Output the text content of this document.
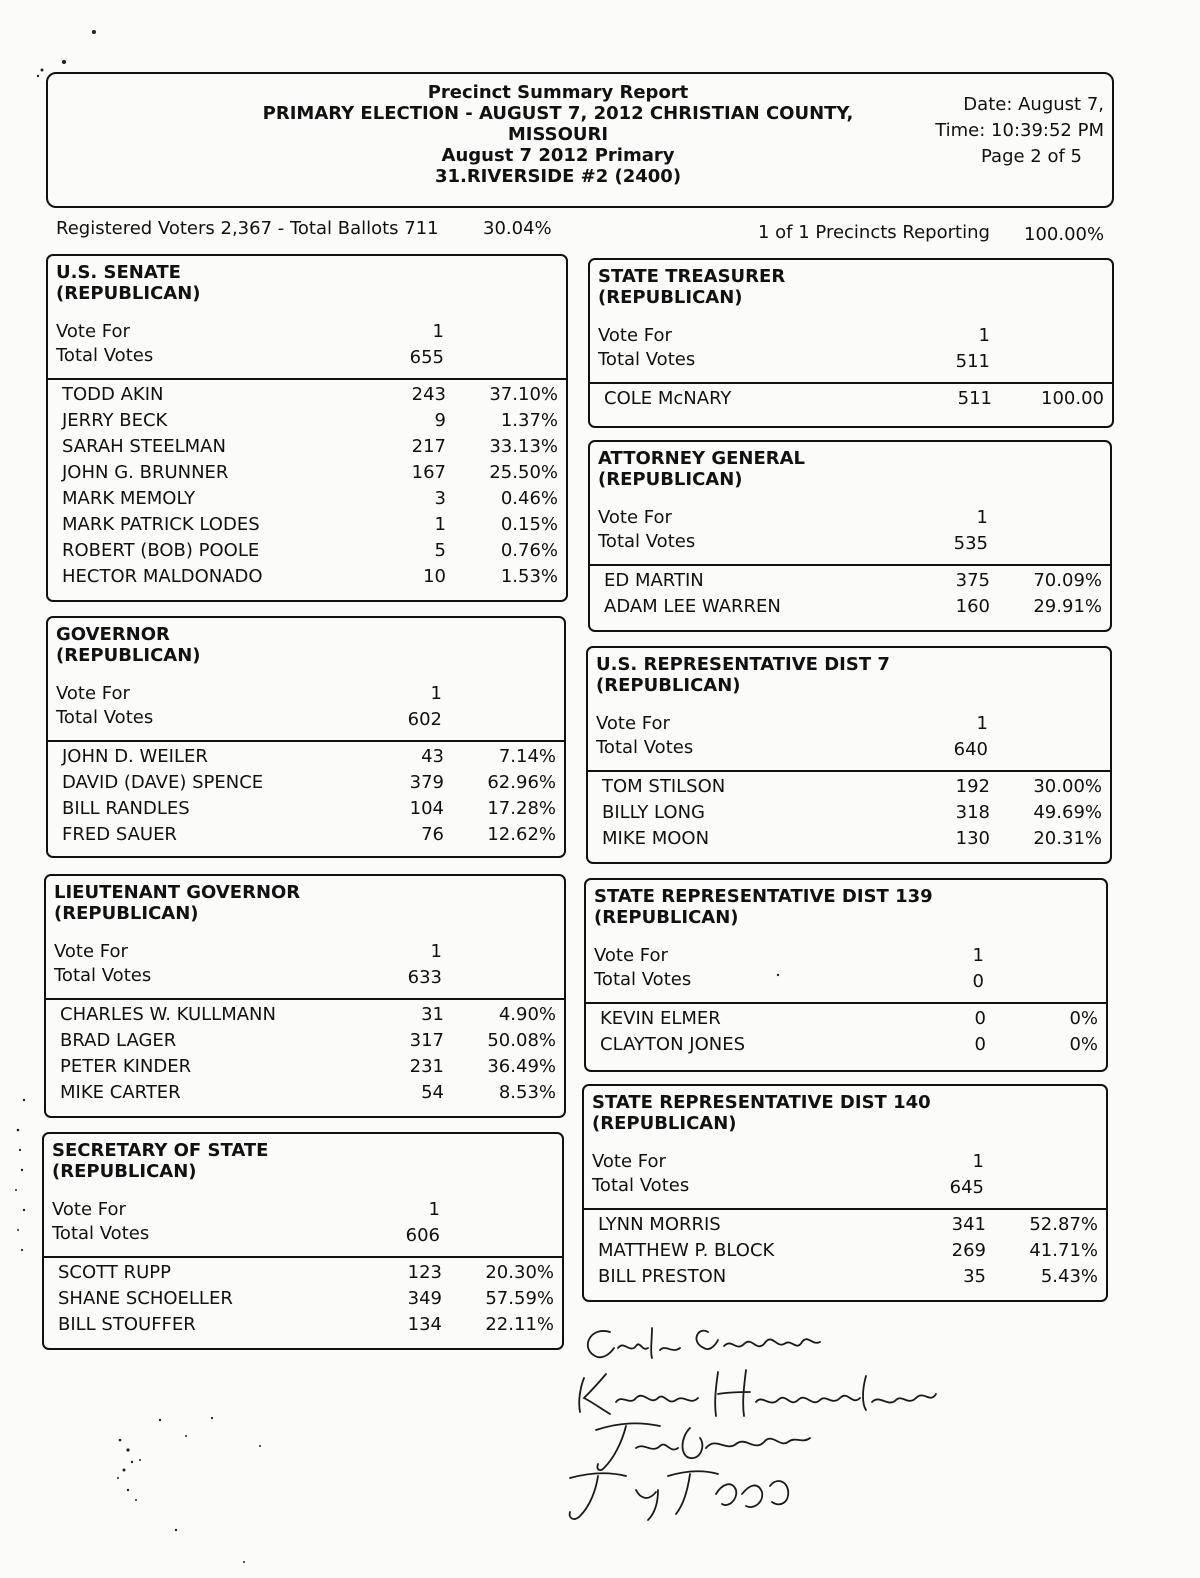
Precinct Summary Report
PRIMARY ELECTION - AUGUST 7, 2012 CHRISTIAN COUNTY,
MISSOURI
August 7 2012 Primary
31.RIVERSIDE #2 (2400)
Date: August 7,
Time: 10:39:52 PM
Page 2 of 5
Registered Voters 2,367 - Total Ballots 711 30.04%	1 of 1 Precincts Reporting 100.00%
U.S. SENATE
(REPUBLICAN)
Vote For	1
Total Votes	655
TODD AKIN	243 37.10%
JERRY BECK	9	1.37%
SARAH STEELMAN	217 33.13%
JOHN G. BRUNNER	167 25.50%
MARK MEMOLY	3	0.46%
MARK PATRICK LODES	1	0.15%
ROBERT (BOB) POOLE	5	0.76%
HECTOR MALDONADO	10	1.53%
GOVERNOR
(REPUBLICAN)
Vote For	1
Total Votes	602
JOHN D. WEILER	43	7.14%
DAVID (DAVE) SPENCE	379 62.96%
BILL RANDLES	104 17.28%
FRED SAUER	76 12.62%
LIEUTENANT GOVERNOR
(REPUBLICAN)
Vote For	1
Total Votes	633
CHARLES W. KULLMANN	31	4.90%
BRAD LAGER	317 50.08%
PETER KINDER	231 36.49%
MIKE CARTER	54	8.53%
SECRETARY OF STATE
(REPUBLICAN)
Vote For	1
Total Votes	606
SCOTT RUPP	123 20.30%
SHANE SCHOELLER	349 57.59%
BILL STOUFFER	134 22.11%
STATE TREASURER
(REPUBLICAN)
Vote For	1
Total Votes	511
COLE McNARY	511	100.00
ATTORNEY GENERAL
(REPUBLICAN)
Vote For	1
Total Votes	535
ED MARTIN	375 70.09%
ADAM LEE WARREN	160 29.91%
U.S. REPRESENTATIVE DIST 7
(REPUBLICAN)
Vote For	1
Total Votes	640
TOM STILSON	192 30.00%
BILLY LONG	318 49.69%
MIKE MOON	130 20.31%
STATE REPRESENTATIVE DIST 139
(REPUBLICAN)
Vote For	1
Total Votes	0
KEVIN ELMER	0	0%
CLAYTON JONES	0	0%
STATE REPRESENTATIVE DIST 140
(REPUBLICAN)
Vote For	1
Total Votes	645
LYNN MORRIS	341 52.87%
MATTHEW P. BLOCK	269 41.71%
BILL PRESTON	35	5.43%
